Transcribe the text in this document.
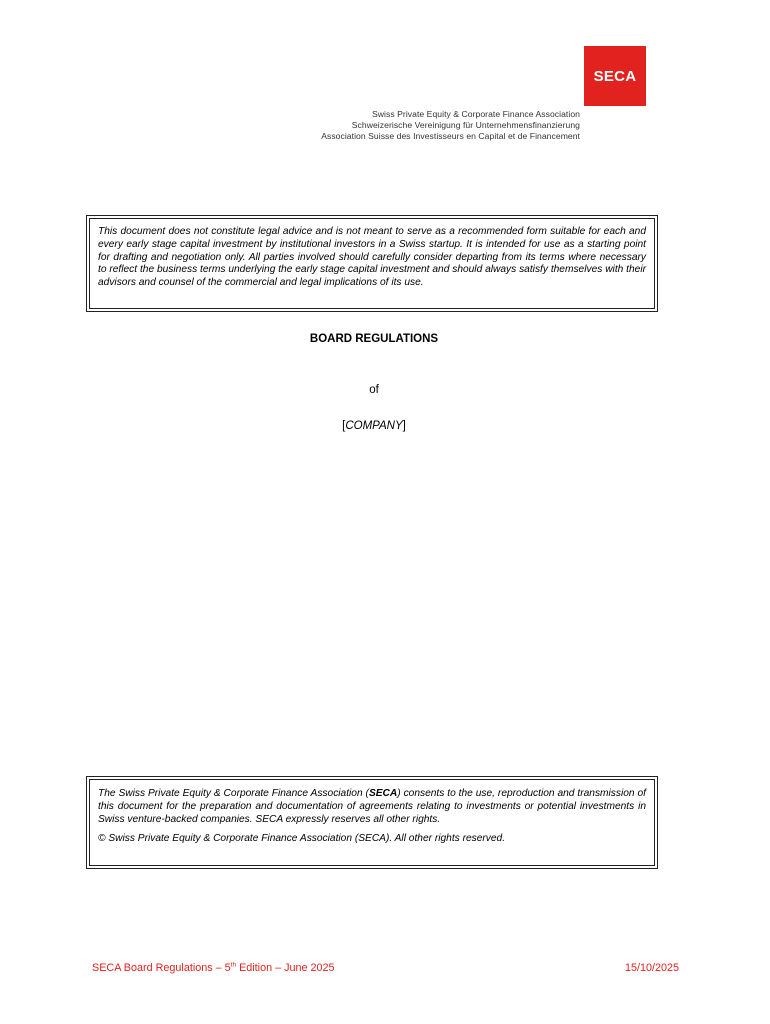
SECA
Swiss Private Equity & Corporate Finance Association
Schweizerische Vereinigung für Unternehmensfinanzierung
Association Suisse des Investisseurs en Capital et de Financement
This document does not constitute legal advice and is not meant to serve as a recommended form suitable for each and every early stage capital investment by institutional investors in a Swiss startup. It is intended for use as a starting point for drafting and negotiation only. All parties involved should carefully consider departing from its terms where necessary to reflect the business terms underlying the early stage capital investment and should always satisfy themselves with their advisors and counsel of the commercial and legal implications of its use.
BOARD REGULATIONS
of
[COMPANY]

The Swiss Private Equity & Corporate Finance Association (SECA) consents to the use, reproduction and transmission of this document for the preparation and documentation of agreements relating to investments or potential investments in Swiss venture-backed companies. SECA expressly reserves all other rights.

© Swiss Private Equity & Corporate Finance Association (SECA). All other rights reserved.

SECA Board Regulations – 5th Edition – June 2025	15/10/2025
